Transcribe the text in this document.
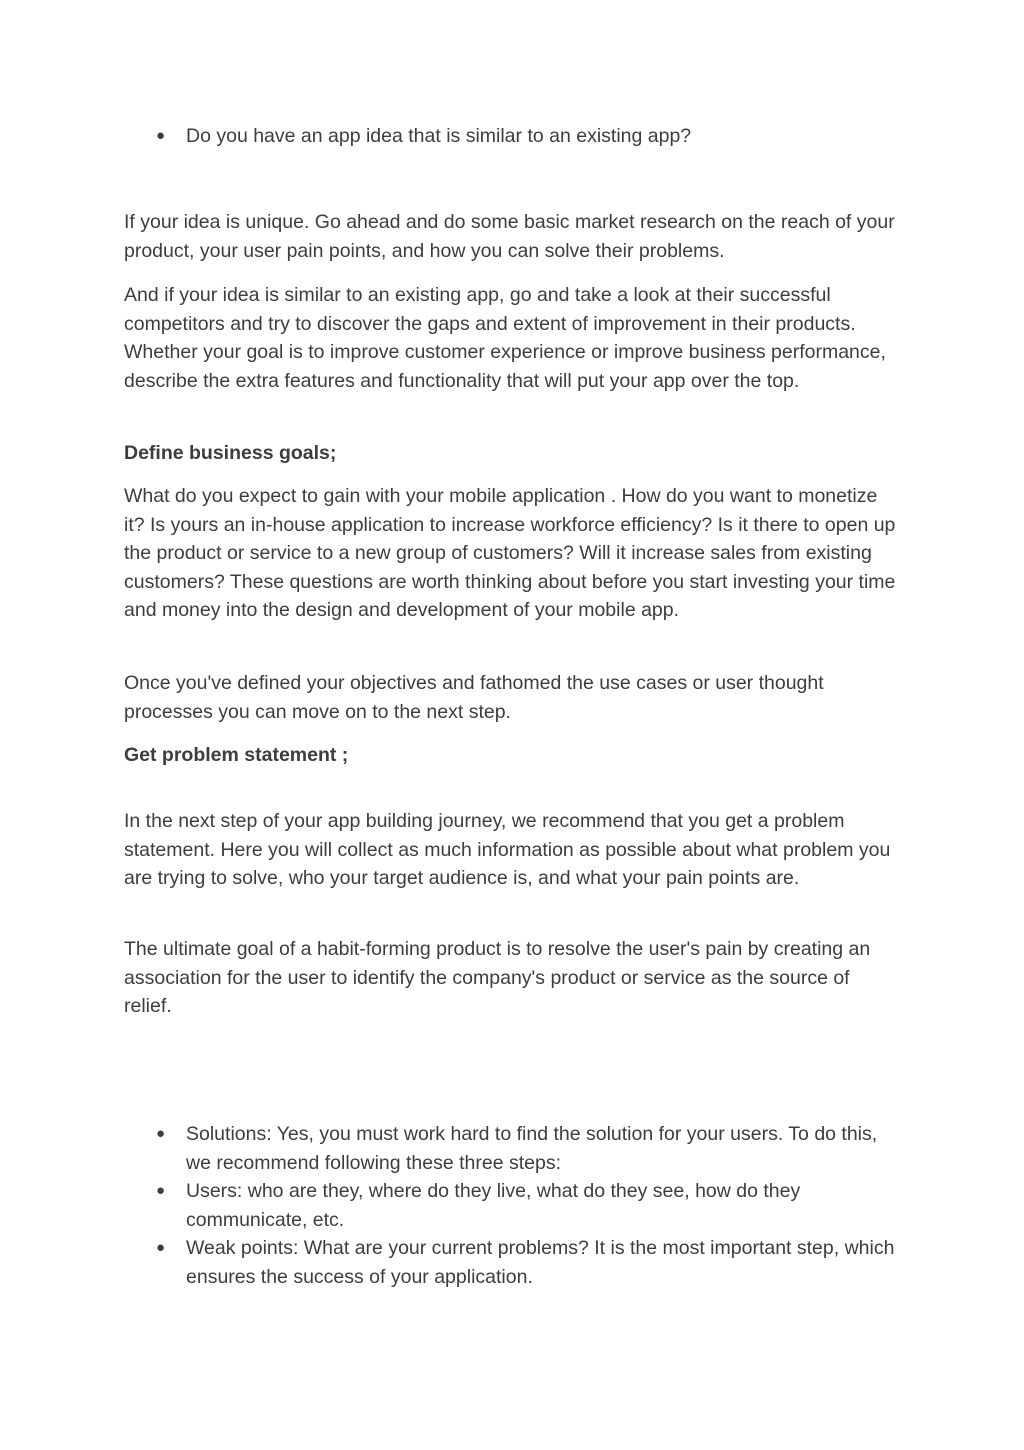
● Do you have an app idea that is similar to an existing app?

If your idea is unique. Go ahead and do some basic market research on the reach of your product, your user pain points, and how you can solve their problems.

And if your idea is similar to an existing app, go and take a look at their successful competitors and try to discover the gaps and extent of improvement in their products. Whether your goal is to improve customer experience or improve business performance, describe the extra features and functionality that will put your app over the top.

Define business goals;

What do you expect to gain with your mobile application . How do you want to monetize it? Is yours an in-house application to increase workforce efficiency? Is it there to open up the product or service to a new group of customers? Will it increase sales from existing customers? These questions are worth thinking about before you start investing your time and money into the design and development of your mobile app.

Once you've defined your objectives and fathomed the use cases or user thought processes you can move on to the next step.

Get problem statement ;

In the next step of your app building journey, we recommend that you get a problem statement. Here you will collect as much information as possible about what problem you are trying to solve, who your target audience is, and what your pain points are.

The ultimate goal of a habit-forming product is to resolve the user's pain by creating an association for the user to identify the company's product or service as the source of relief.

● Solutions: Yes, you must work hard to find the solution for your users. To do this, we recommend following these three steps:
● Users: who are they, where do they live, what do they see, how do they communicate, etc.
● Weak points: What are your current problems? It is the most important step, which ensures the success of your application.
